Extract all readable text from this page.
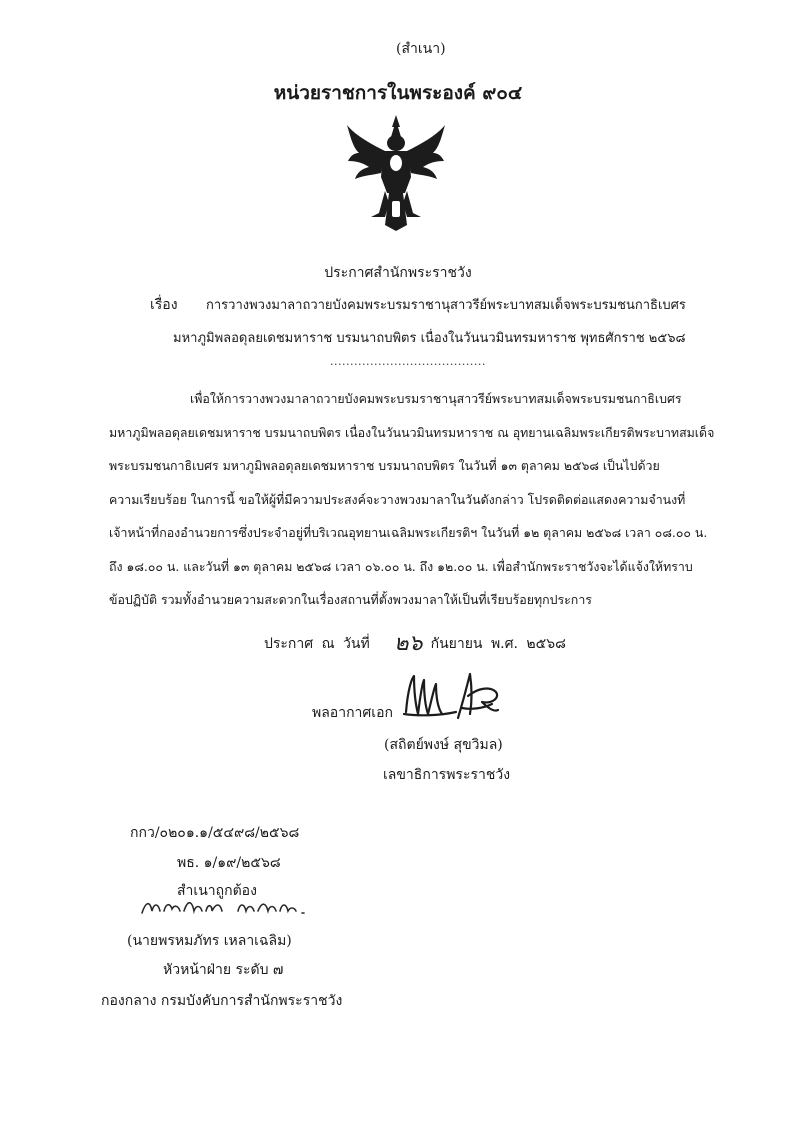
(สำเนา)
หน่วยราชการในพระองค์ ๙๐๔
ประกาศสำนักพระราชวัง
เรื่อง การวางพวงมาลาถวายบังคมพระบรมราชานุสาวรีย์พระบาทสมเด็จพระบรมชนกาธิเบศร
มหาภูมิพลอดุลยเดชมหาราช บรมนาถบพิตร เนื่องในวันนวมินทรมหาราช พุทธศักราช ๒๕๖๘
.......................................
เพื่อให้การวางพวงมาลาถวายบังคมพระบรมราชานุสาวรีย์พระบาทสมเด็จพระบรมชนกาธิเบศร
มหาภูมิพลอดุลยเดชมหาราช บรมนาถบพิตร เนื่องในวันนวมินทรมหาราช ณ อุทยานเฉลิมพระเกียรติพระบาทสมเด็จ
พระบรมชนกาธิเบศร มหาภูมิพลอดุลยเดชมหาราช บรมนาถบพิตร ในวันที่ ๑๓ ตุลาคม ๒๕๖๘ เป็นไปด้วย
ความเรียบร้อย ในการนี้ ขอให้ผู้ที่มีความประสงค์จะวางพวงมาลาในวันดังกล่าว โปรดติดต่อแสดงความจำนงที่
เจ้าหน้าที่กองอำนวยการซึ่งประจำอยู่ที่บริเวณอุทยานเฉลิมพระเกียรติฯ ในวันที่ ๑๒ ตุลาคม ๒๕๖๘ เวลา ๐๘.๐๐ น.
ถึง ๑๘.๐๐ น. และวันที่ ๑๓ ตุลาคม ๒๕๖๘ เวลา ๐๖.๐๐ น. ถึง ๑๒.๐๐ น. เพื่อสำนักพระราชวังจะได้แจ้งให้ทราบ
ข้อปฏิบัติ รวมทั้งอำนวยความสะดวกในเรื่องสถานที่ตั้งพวงมาลาให้เป็นที่เรียบร้อยทุกประการ
ประกาศ ณ วันที่	กันยายน พ.ศ. ๒๕๖๘
๒๖
พลอากาศเอก
(สถิตย์พงษ์ สุขวิมล)
เลขาธิการพระราชวัง
กกว/๐๒๐๑.๑/๕๔๙๘/๒๕๖๘
พธ. ๑/๑๙/๒๕๖๘
สำเนาถูกต้อง
(นายพรหมภัทร เหลาเฉลิม)
หัวหน้าฝ่าย ระดับ ๗
กองกลาง กรมบังคับการสำนักพระราชวัง
